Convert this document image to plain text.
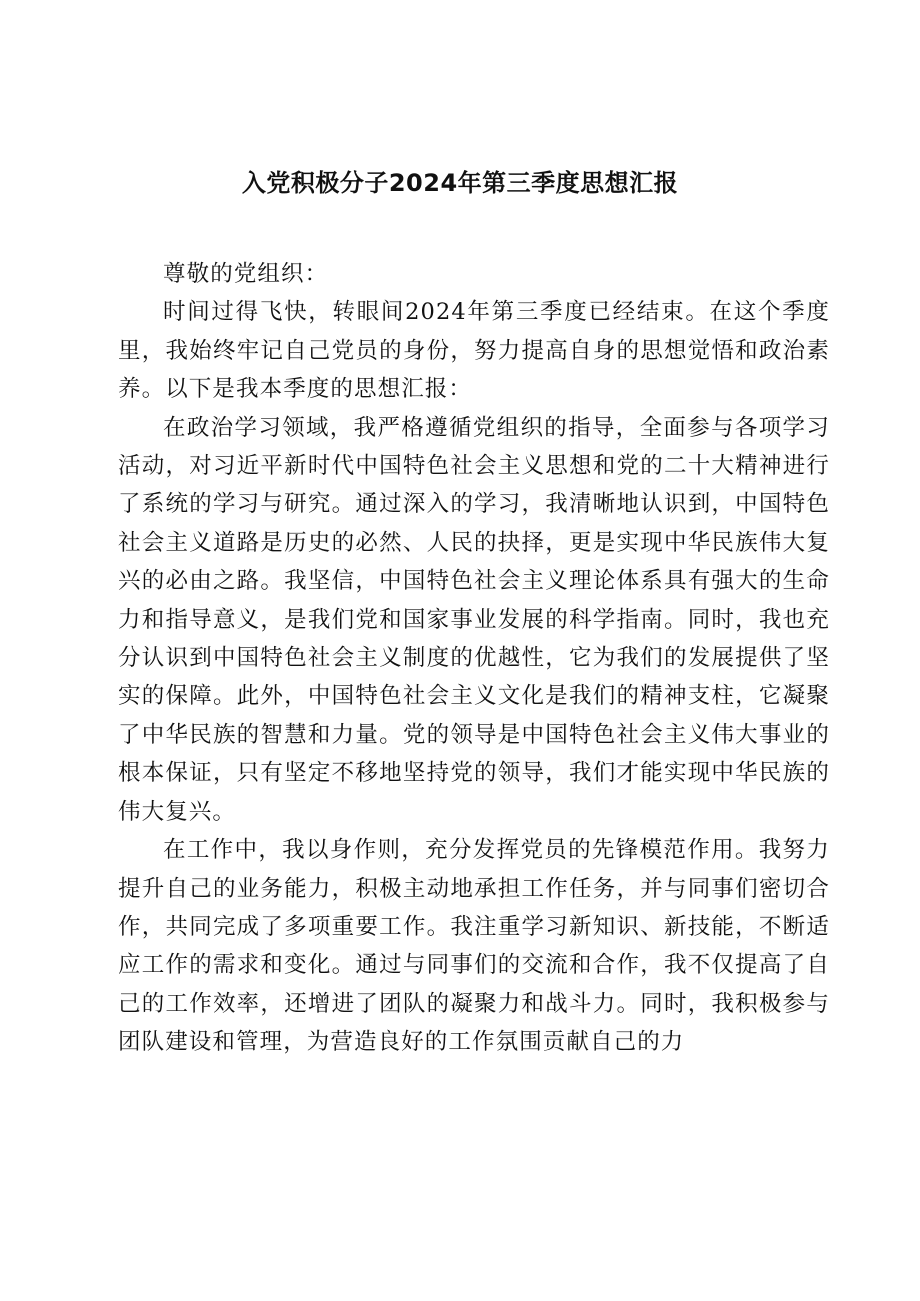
入党积极分子2024年第三季度思想汇报

尊敬的党组织：

时间过得飞快，转眼间2024年第三季度已经结束。在这个季度里，我始终牢记自己党员的身份，努力提高自身的思想觉悟和政治素养。以下是我本季度的思想汇报：

在政治学习领域，我严格遵循党组织的指导，全面参与各项学习活动，对习近平新时代中国特色社会主义思想和党的二十大精神进行了系统的学习与研究。通过深入的学习，我清晰地认识到，中国特色社会主义道路是历史的必然、人民的抉择，更是实现中华民族伟大复兴的必由之路。我坚信，中国特色社会主义理论体系具有强大的生命力和指导意义，是我们党和国家事业发展的科学指南。同时，我也充分认识到中国特色社会主义制度的优越性，它为我们的发展提供了坚实的保障。此外，中国特色社会主义文化是我们的精神支柱，它凝聚了中华民族的智慧和力量。党的领导是中国特色社会主义伟大事业的根本保证，只有坚定不移地坚持党的领导，我们才能实现中华民族的伟大复兴。

在工作中，我以身作则，充分发挥党员的先锋模范作用。我努力提升自己的业务能力，积极主动地承担工作任务，并与同事们密切合作，共同完成了多项重要工作。我注重学习新知识、新技能，不断适应工作的需求和变化。通过与同事们的交流和合作，我不仅提高了自己的工作效率，还增进了团队的凝聚力和战斗力。同时，我积极参与团队建设和管理，为营造良好的工作氛围贡献自己的力
